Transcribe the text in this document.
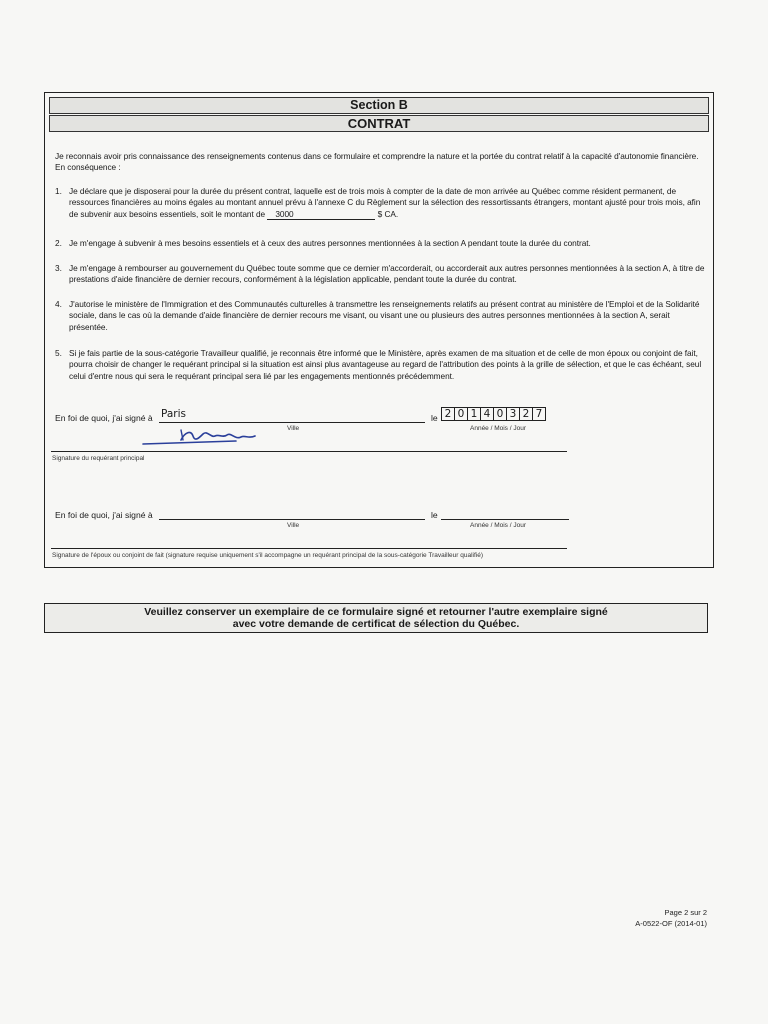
Section B
CONTRAT
Je reconnais avoir pris connaissance des renseignements contenus dans ce formulaire et comprendre la nature et la portée du contrat relatif à la capacité d'autonomie financière. En conséquence :
1. Je déclare que je disposerai pour la durée du présent contrat, laquelle est de trois mois à compter de la date de mon arrivée au Québec comme résident permanent, de ressources financières au moins égales au montant annuel prévu à l'annexe C du Règlement sur la sélection des ressortissants étrangers, montant ajusté pour trois mois, afin de subvenir aux besoins essentiels, soit le montant de 3000	$ CA.
2. Je m'engage à subvenir à mes besoins essentiels et à ceux des autres personnes mentionnées à la section A pendant toute la durée du contrat.
3. Je m'engage à rembourser au gouvernement du Québec toute somme que ce dernier m'accorderait, ou accorderait aux autres personnes mentionnées à la section A, à titre de prestations d'aide financière de dernier recours, conformément à la législation applicable, pendant toute la durée du contrat.
4. J'autorise le ministère de l'Immigration et des Communautés culturelles à transmettre les renseignements relatifs au présent contrat au ministère de l'Emploi et de la Solidarité sociale, dans le cas où la demande d'aide financière de dernier recours me visant, ou visant une ou plusieurs des autres personnes mentionnées à la section A, serait présentée.
5. Si je fais partie de la sous-catégorie Travailleur qualifié, je reconnais être informé que le Ministère, après examen de ma situation et de celle de mon époux ou conjoint de fait, pourra choisir de changer le requérant principal si la situation est ainsi plus avantageuse au regard de l'attribution des points à la grille de sélection, et que le cas échéant, seul celui d'entre nous qui sera le requérant principal sera lié par les engagements mentionnés précédemment.
En foi de quoi, j'ai signé à Paris
Ville
le 2 0 1 4 0 3 2 7
Année / Mois / Jour
Signature du requérant principal
En foi de quoi, j'ai signé à
Ville
le
Année / Mois / Jour
Signature de l'époux ou conjoint de fait (signature requise uniquement s'il accompagne un requérant principal de la sous-catégorie Travailleur qualifié)
Veuillez conserver un exemplaire de ce formulaire signé et retourner l'autre exemplaire signé
avec votre demande de certificat de sélection du Québec.
Page 2 sur 2
A-0522-OF (2014-01)
